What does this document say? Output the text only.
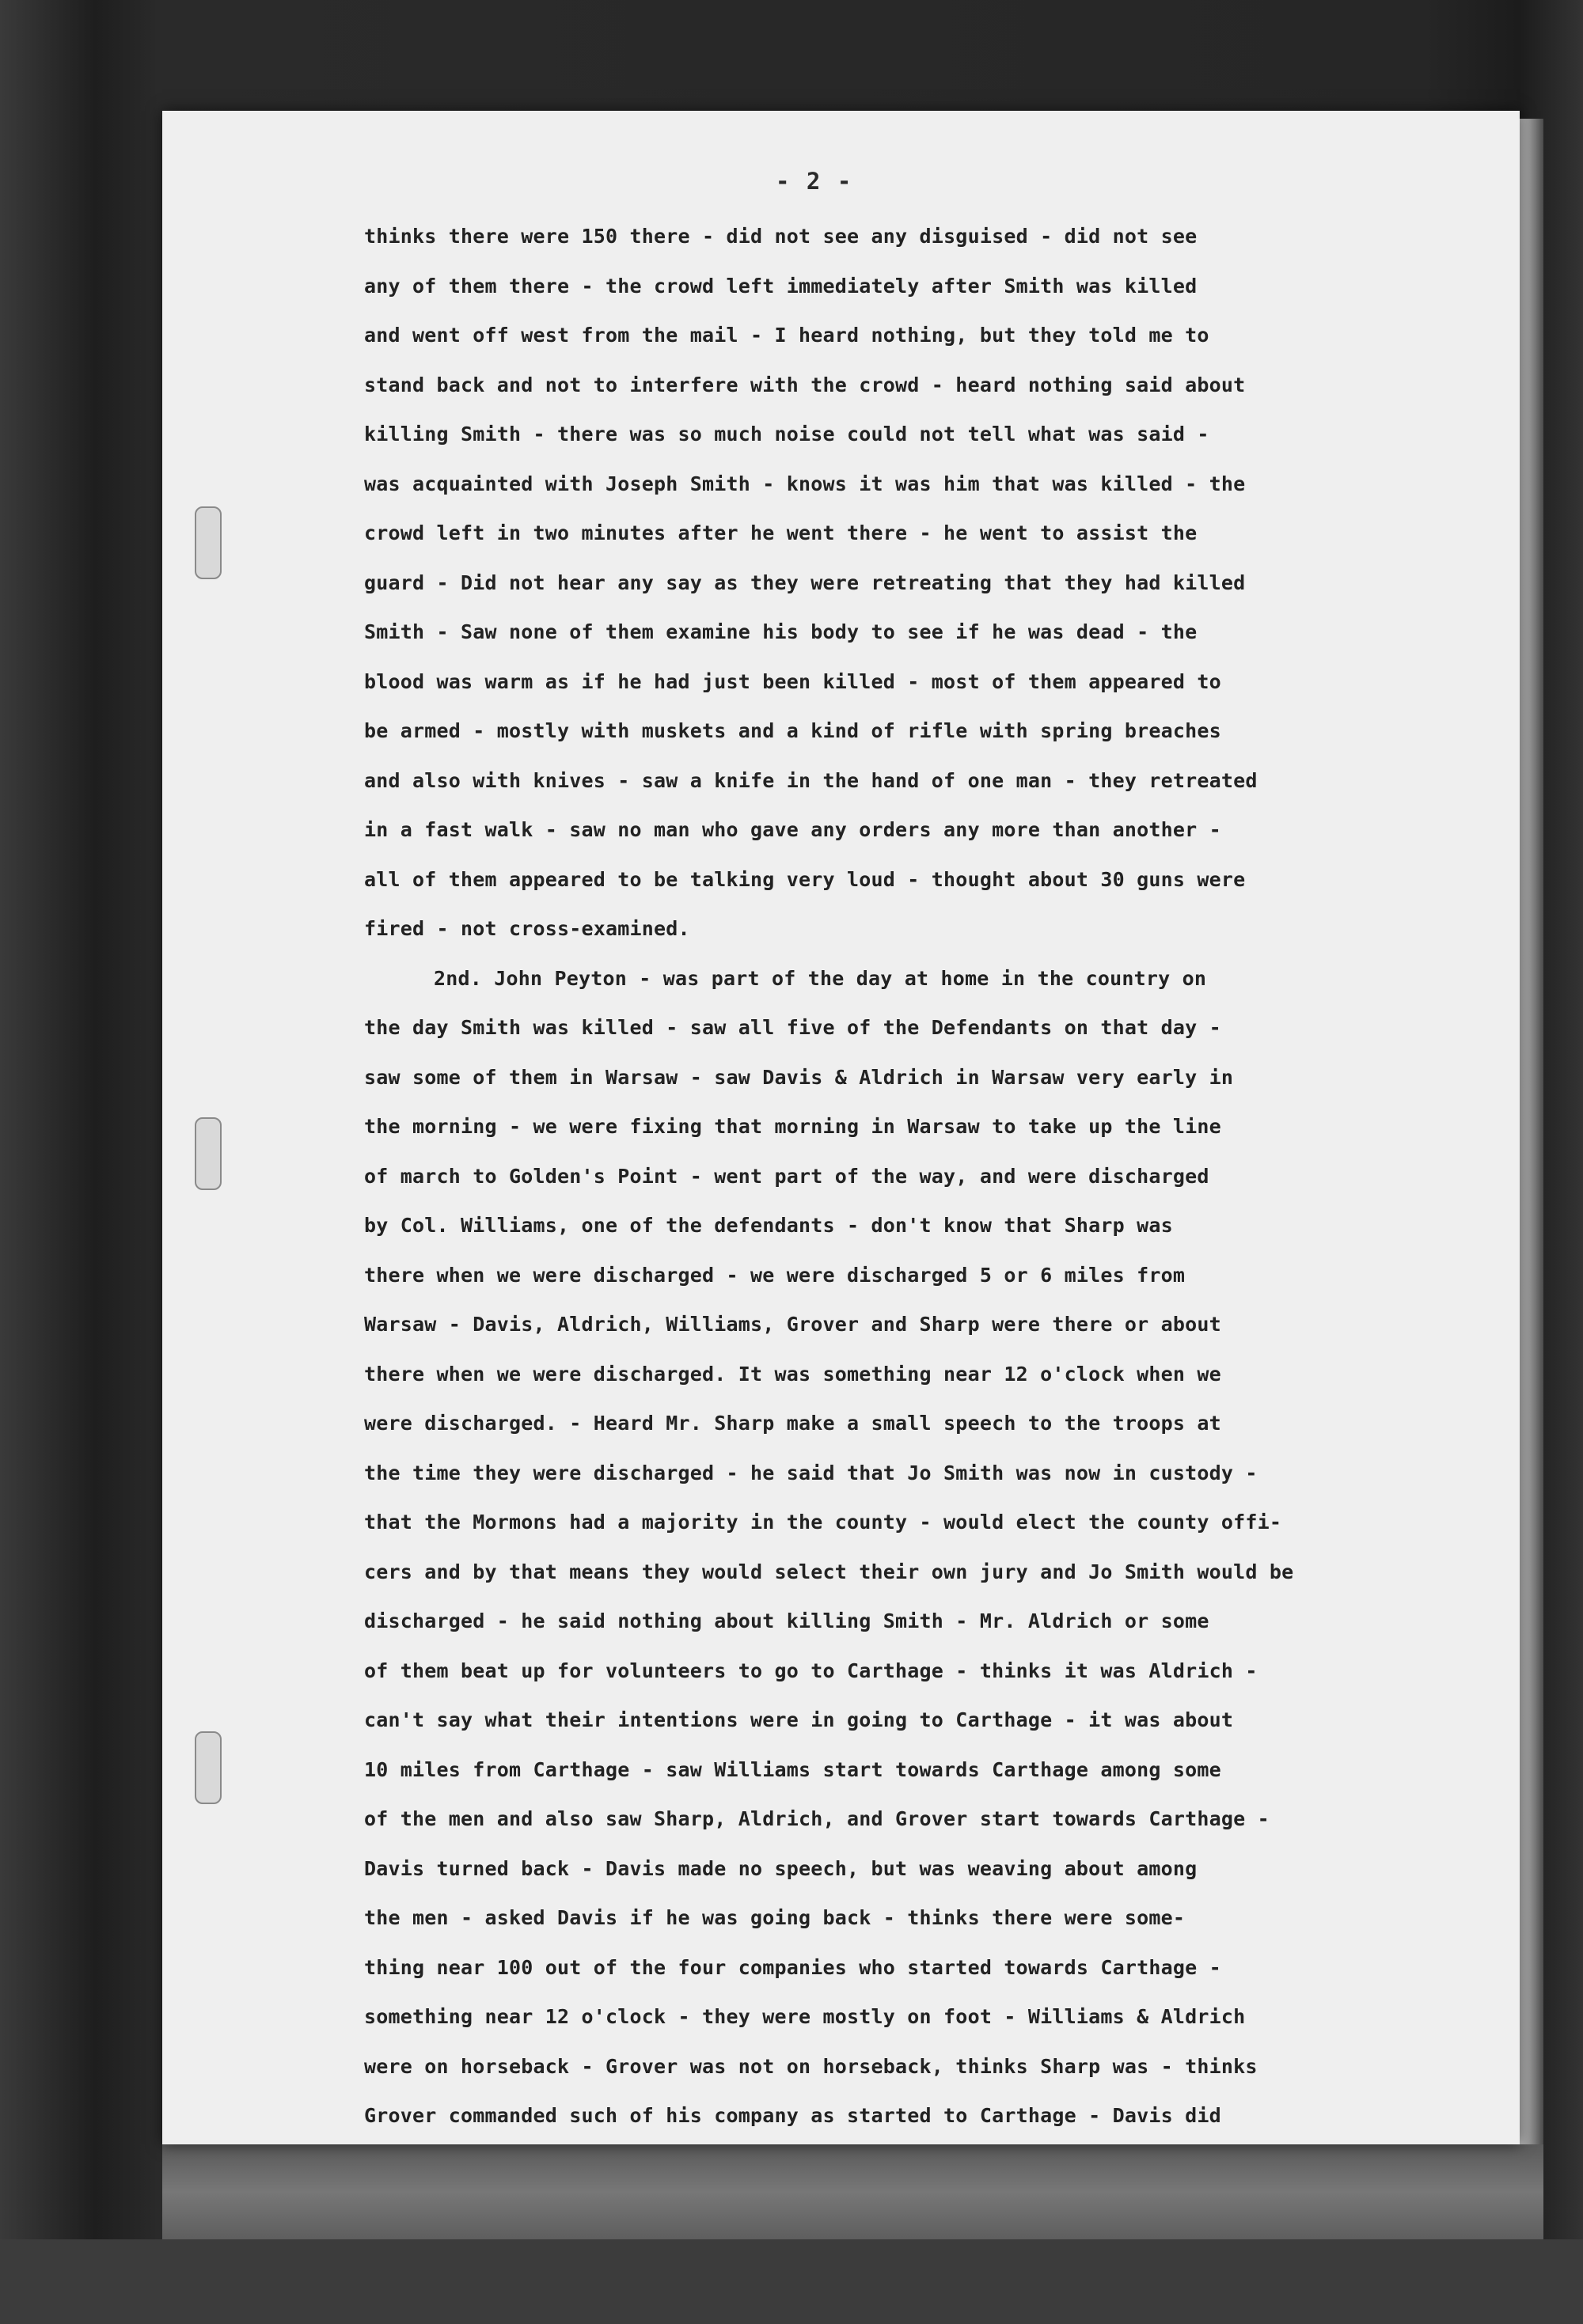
- 2 -
thinks there were 150 there - did not see any disguised - did not see
any of them there - the crowd left immediately after Smith was killed
and went off west from the mail - I heard nothing, but they told me to
stand back and not to interfere with the crowd - heard nothing said about
killing Smith - there was so much noise could not tell what was said -
was acquainted with Joseph Smith - knows it was him that was killed - the
crowd left in two minutes after he went there - he went to assist the
guard - Did not hear any say as they were retreating that they had killed
Smith - Saw none of them examine his body to see if he was dead - the
blood was warm as if he had just been killed - most of them appeared to
be armed - mostly with muskets and a kind of rifle with spring breaches
and also with knives - saw a knife in the hand of one man - they retreated
in a fast walk - saw no man who gave any orders any more than another -
all of them appeared to be talking very loud - thought about 30 guns were
fired - not cross-examined.
2nd. John Peyton - was part of the day at home in the country on
the day Smith was killed - saw all five of the Defendants on that day -
saw some of them in Warsaw - saw Davis & Aldrich in Warsaw very early in
the morning - we were fixing that morning in Warsaw to take up the line
of march to Golden's Point - went part of the way, and were discharged
by Col. Williams, one of the defendants - don't know that Sharp was
there when we were discharged - we were discharged 5 or 6 miles from
Warsaw - Davis, Aldrich, Williams, Grover and Sharp were there or about
there when we were discharged. It was something near 12 o'clock when we
were discharged. - Heard Mr. Sharp make a small speech to the troops at
the time they were discharged - he said that Jo Smith was now in custody -
that the Mormons had a majority in the county - would elect the county offi-
cers and by that means they would select their own jury and Jo Smith would be
discharged - he said nothing about killing Smith - Mr. Aldrich or some
of them beat up for volunteers to go to Carthage - thinks it was Aldrich -
can't say what their intentions were in going to Carthage - it was about
10 miles from Carthage - saw Williams start towards Carthage among some
of the men and also saw Sharp, Aldrich, and Grover start towards Carthage -
Davis turned back - Davis made no speech, but was weaving about among
the men - asked Davis if he was going back - thinks there were some-
thing near 100 out of the four companies who started towards Carthage -
something near 12 o'clock - they were mostly on foot - Williams & Aldrich
were on horseback - Grover was not on horseback, thinks Sharp was - thinks
Grover commanded such of his company as started to Carthage - Davis did
